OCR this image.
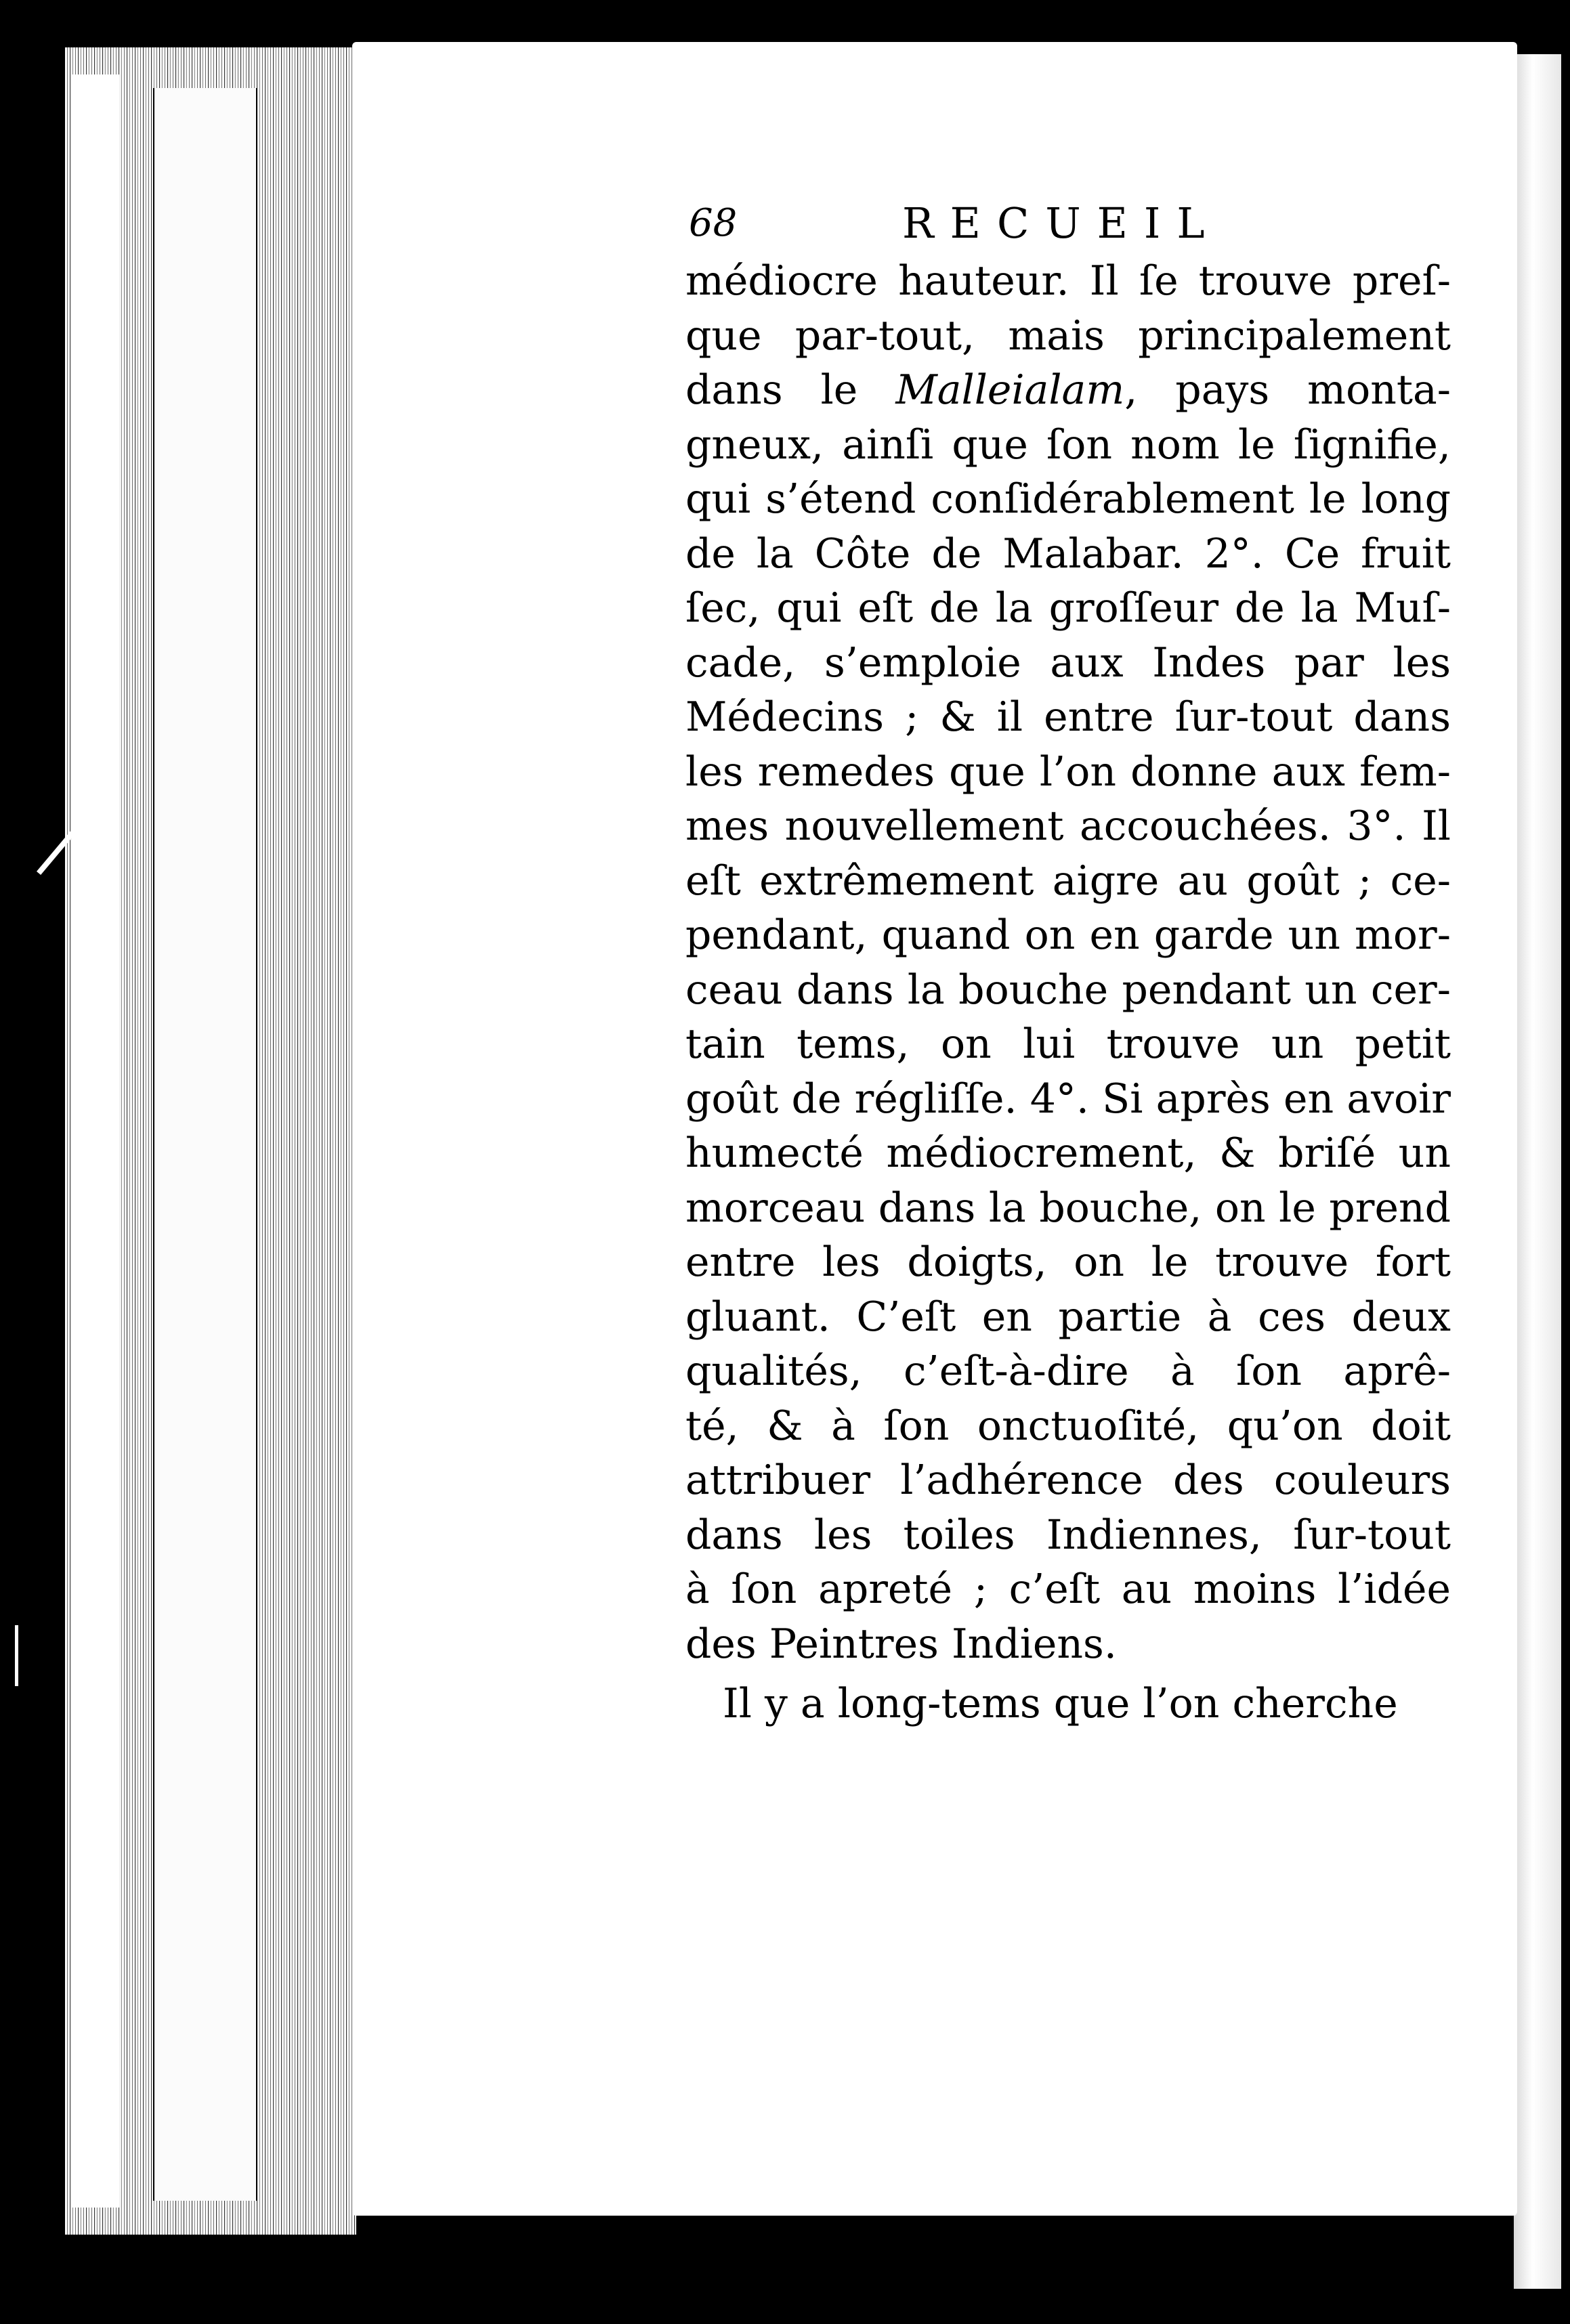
68	RECUEIL
médiocre hauteur. Il ſe trouve preſ-
que par-tout, mais principalement
dans le Malleialam, pays monta-
gneux, ainſi que ſon nom le ſignifie,
qui s’étend conſidérablement le long
de la Côte de Malabar. 2°. Ce fruit
ſec, qui eſt de la groſſeur de la Muſ-
cade, s’emploie aux Indes par les
Médecins ; & il entre ſur-tout dans
les remedes que l’on donne aux fem-
mes nouvellement accouchées. 3°. Il
eſt extrêmement aigre au goût ; ce-
pendant, quand on en garde un mor-
ceau dans la bouche pendant un cer-
tain tems, on lui trouve un petit
goût de régliſſe. 4°. Si après en avoir
humecté médiocrement, & briſé un
morceau dans la bouche, on le prend
entre les doigts, on le trouve fort
gluant. C’eſt en partie à ces deux
qualités, c’eſt-à-dire à ſon aprê-
té, & à ſon onctuoſité, qu’on doit
attribuer l’adhérence des couleurs
dans les toiles Indiennes, ſur-tout
à ſon apreté ; c’eſt au moins l’idée
des Peintres Indiens.
Il y a long-tems que l’on cherche
